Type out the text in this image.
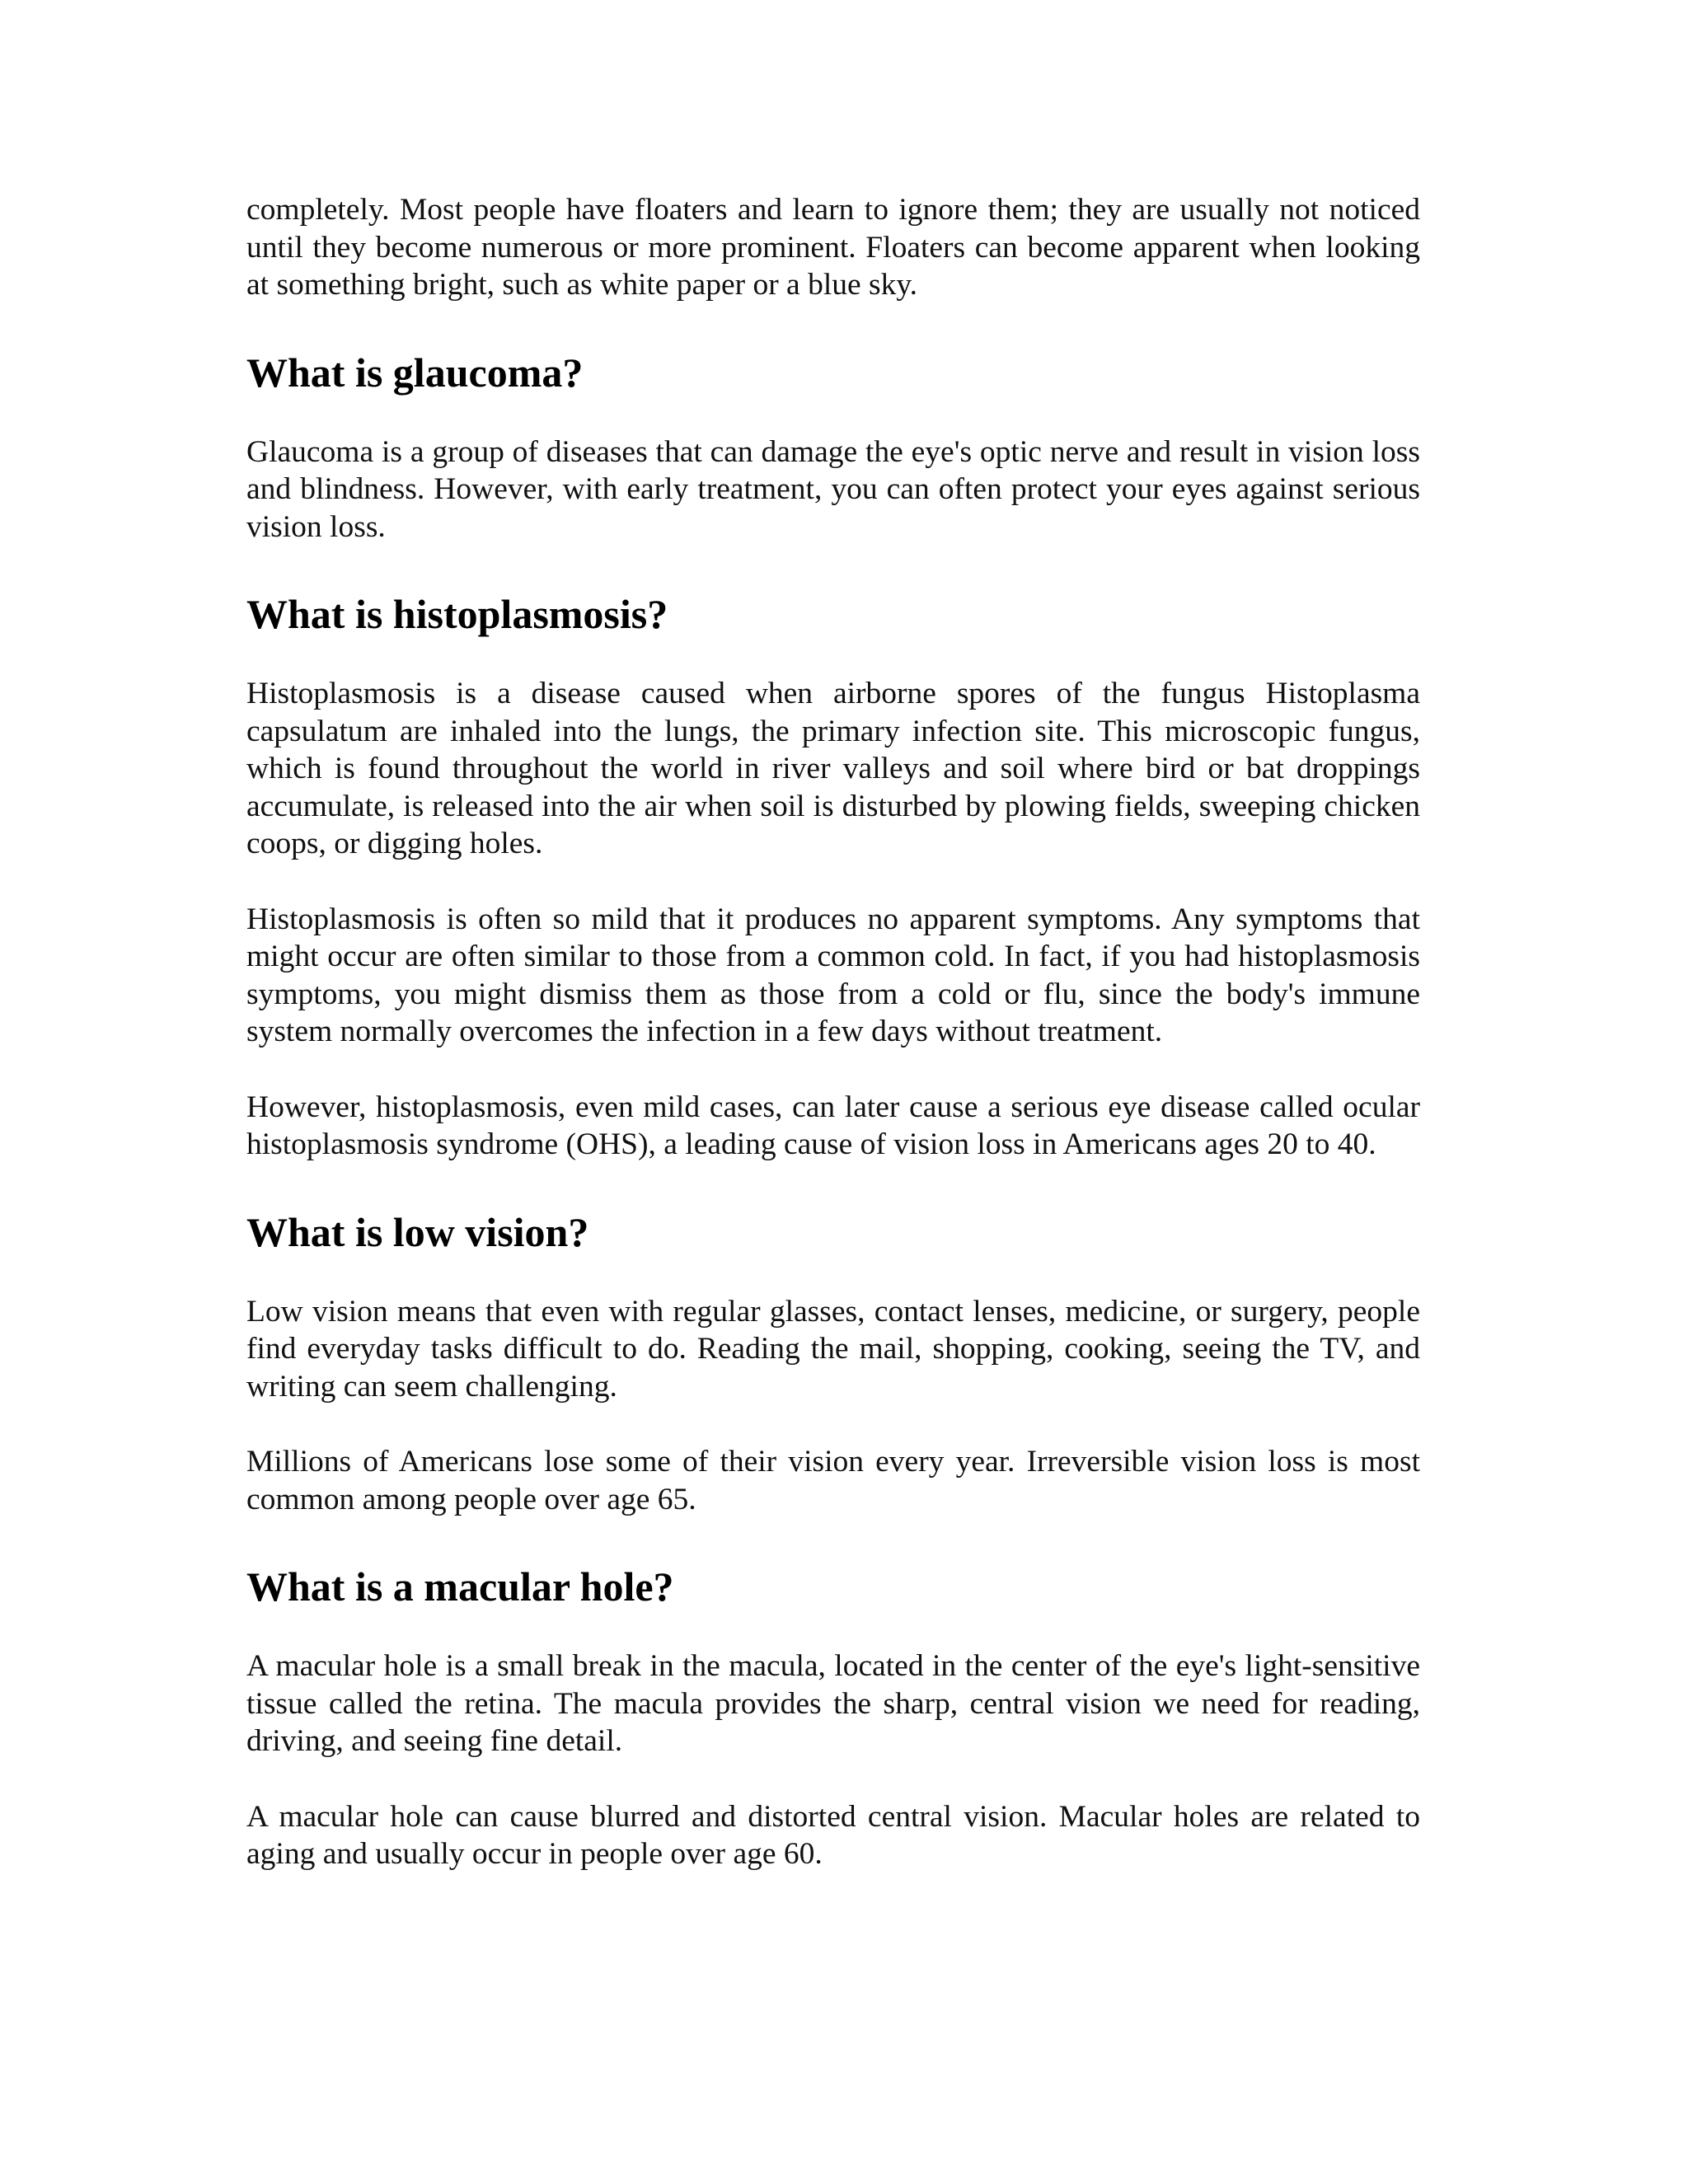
completely. Most people have floaters and learn to ignore them; they are usually not noticed until they become numerous or more prominent. Floaters can become apparent when looking at something bright, such as white paper or a blue sky.

What is glaucoma?

Glaucoma is a group of diseases that can damage the eye's optic nerve and result in vision loss and blindness. However, with early treatment, you can often protect your eyes against serious vision loss.

What is histoplasmosis?

Histoplasmosis is a disease caused when airborne spores of the fungus Histoplasma capsulatum are inhaled into the lungs, the primary infection site. This microscopic fungus, which is found throughout the world in river valleys and soil where bird or bat droppings accumulate, is released into the air when soil is disturbed by plowing fields, sweeping chicken coops, or digging holes.

Histoplasmosis is often so mild that it produces no apparent symptoms. Any symptoms that might occur are often similar to those from a common cold. In fact, if you had histoplasmosis symptoms, you might dismiss them as those from a cold or flu, since the body's immune system normally overcomes the infection in a few days without treatment.

However, histoplasmosis, even mild cases, can later cause a serious eye disease called ocular histoplasmosis syndrome (OHS), a leading cause of vision loss in Americans ages 20 to 40.

What is low vision?

Low vision means that even with regular glasses, contact lenses, medicine, or surgery, people find everyday tasks difficult to do. Reading the mail, shopping, cooking, seeing the TV, and writing can seem challenging.

Millions of Americans lose some of their vision every year. Irreversible vision loss is most common among people over age 65.

What is a macular hole?

A macular hole is a small break in the macula, located in the center of the eye's light-sensitive tissue called the retina. The macula provides the sharp, central vision we need for reading, driving, and seeing fine detail.

A macular hole can cause blurred and distorted central vision. Macular holes are related to aging and usually occur in people over age 60.
